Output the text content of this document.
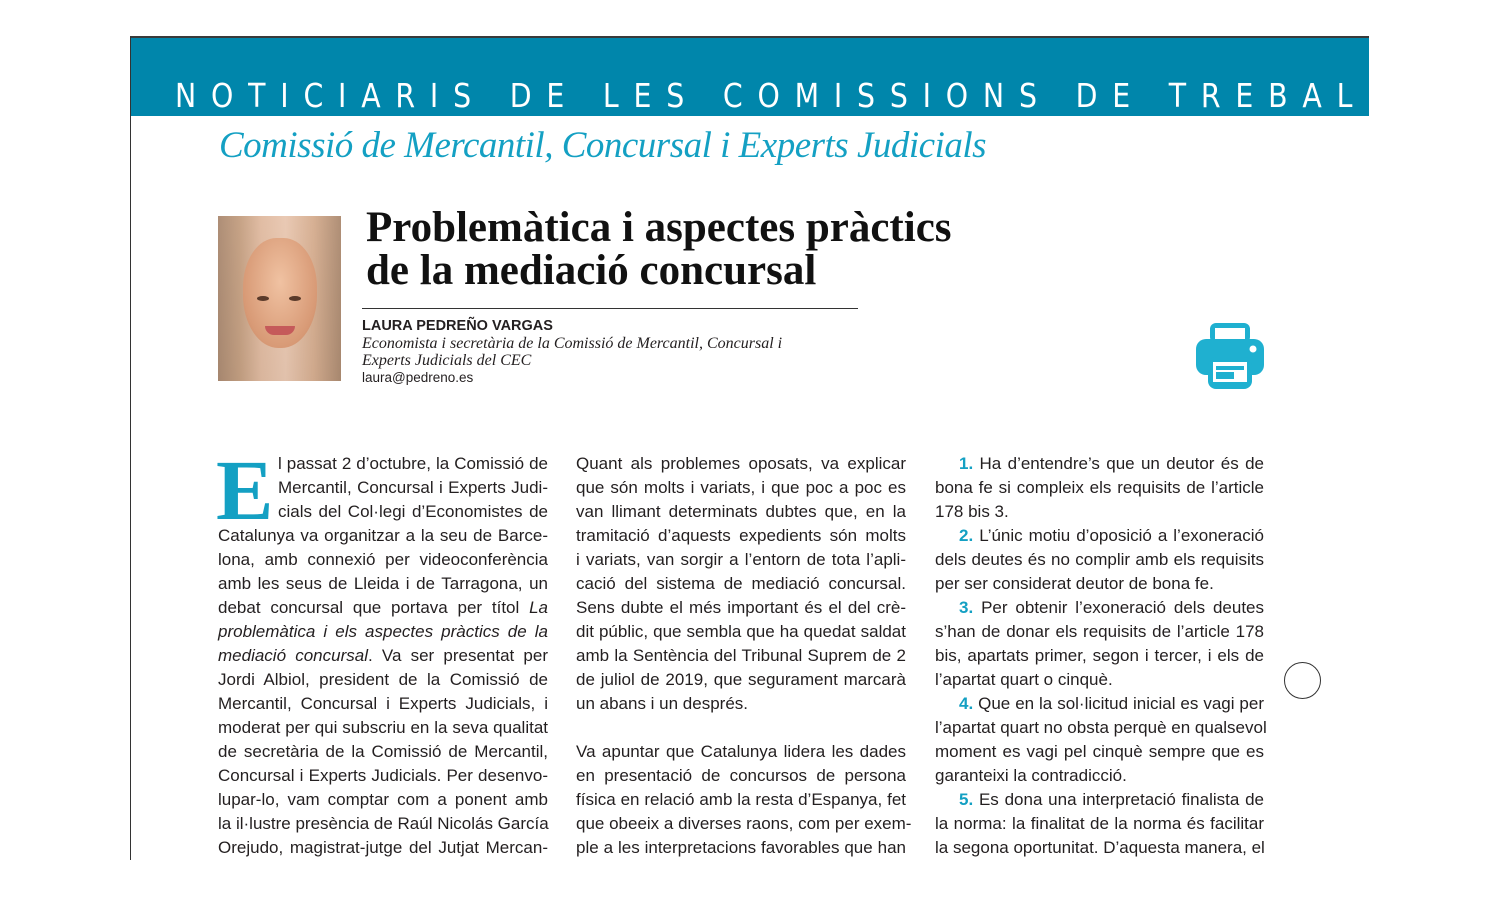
NOTICIARIS DE LES COMISSIONS DE TREBALL
Comissió de Mercantil, Concursal i Experts Judicials
Problemàtica i aspectes pràctics
de la mediació concursal
LAURA PEDREÑO VARGAS
Economista i secretària de la Comissió de Mercantil, Concursal i
Experts Judicials del CEC
laura@pedreno.es
E l passat 2 d’octubre, la Comissió de
Mercantil, Concursal i Experts Judi-
cials del Col·legi d’Economistes de
Catalunya va organitzar a la seu de Barce-
lona, amb connexió per videoconferència
amb les seus de Lleida i de Tarragona, un
debat concursal que portava per títol La
problemàtica i els aspectes pràctics de la
mediació concursal. Va ser presentat per
Jordi Albiol, president de la Comissió de
Mercantil, Concursal i Experts Judicials, i
moderat per qui subscriu en la seva qualitat
de secretària de la Comissió de Mercantil,
Concursal i Experts Judicials. Per desenvo-
lupar-lo, vam comptar com a ponent amb
la il·lustre presència de Raúl Nicolás García
Orejudo, magistrat-jutge del Jutjat Mercan-
Quant als problemes oposats, va explicar
que són molts i variats, i que poc a poc es
van llimant determinats dubtes que, en la
tramitació d’aquests expedients són molts
i variats, van sorgir a l’entorn de tota l’apli-
cació del sistema de mediació concursal.
Sens dubte el més important és el del crè-
dit públic, que sembla que ha quedat saldat
amb la Sentència del Tribunal Suprem de 2
de juliol de 2019, que segurament marcarà
un abans i un després.
Va apuntar que Catalunya lidera les dades
en presentació de concursos de persona
física en relació amb la resta d’Espanya, fet
que obeeix a diverses raons, com per exem-
ple a les interpretacions favorables que han
1. Ha d’entendre’s que un deutor és de
bona fe si compleix els requisits de l’article
178 bis 3.
2. L’únic motiu d’oposició a l’exoneració
dels deutes és no complir amb els requisits
per ser considerat deutor de bona fe.
3. Per obtenir l’exoneració dels deutes
s’han de donar els requisits de l’article 178
bis, apartats primer, segon i tercer, i els de
l’apartat quart o cinquè.
4. Que en la sol·licitud inicial es vagi per
l’apartat quart no obsta perquè en qualsevol
moment es vagi pel cinquè sempre que es
garanteixi la contradicció.
5. Es dona una interpretació finalista de
la norma: la finalitat de la norma és facilitar
la segona oportunitat. D’aquesta manera, el
